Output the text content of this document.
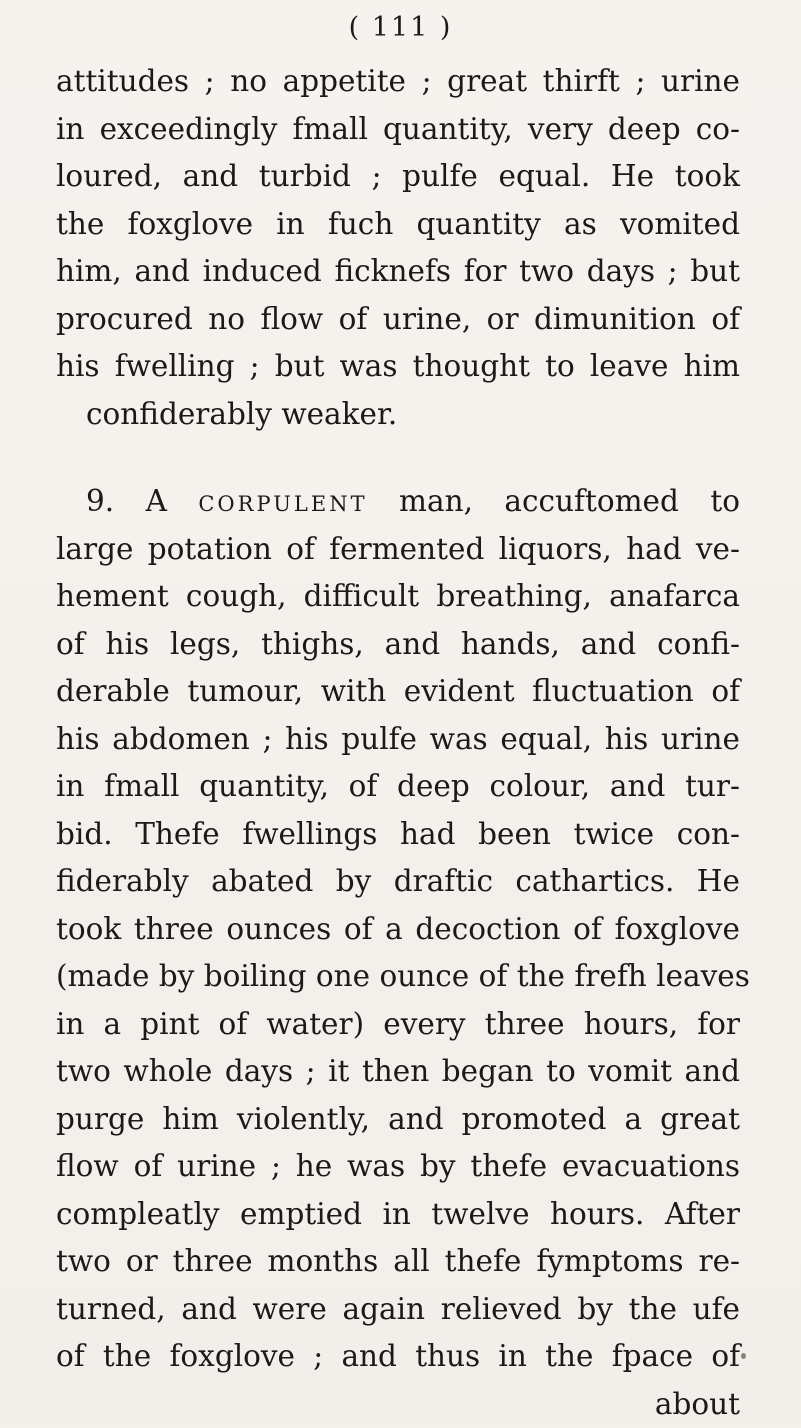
( 111 )
attitudes ; no appetite ; great thirft ; urine
in exceedingly fmall quantity, very deep co-
loured, and turbid ; pulfe equal. He took
the foxglove in fuch quantity as vomited
him, and induced ficknefs for two days ; but
procured no flow of urine, or dimunition of
his fwelling ; but was thought to leave him
confiderably weaker.
9. A corpulent man, accuftomed to
large potation of fermented liquors, had ve-
hement cough, difficult breathing, anafarca
of his legs, thighs, and hands, and confi-
derable tumour, with evident fluctuation of
his abdomen ; his pulfe was equal, his urine
in fmall quantity, of deep colour, and tur-
bid. Thefe fwellings had been twice con-
fiderably abated by draftic cathartics. He
took three ounces of a decoction of foxglove
(made by boiling one ounce of the frefh leaves
in a pint of water) every three hours, for
two whole days ; it then began to vomit and
purge him violently, and promoted a great
flow of urine ; he was by thefe evacuations
compleatly emptied in twelve hours. After
two or three months all thefe fymptoms re-
turned, and were again relieved by the ufe
of the foxglove ; and thus in the fpace of
about
